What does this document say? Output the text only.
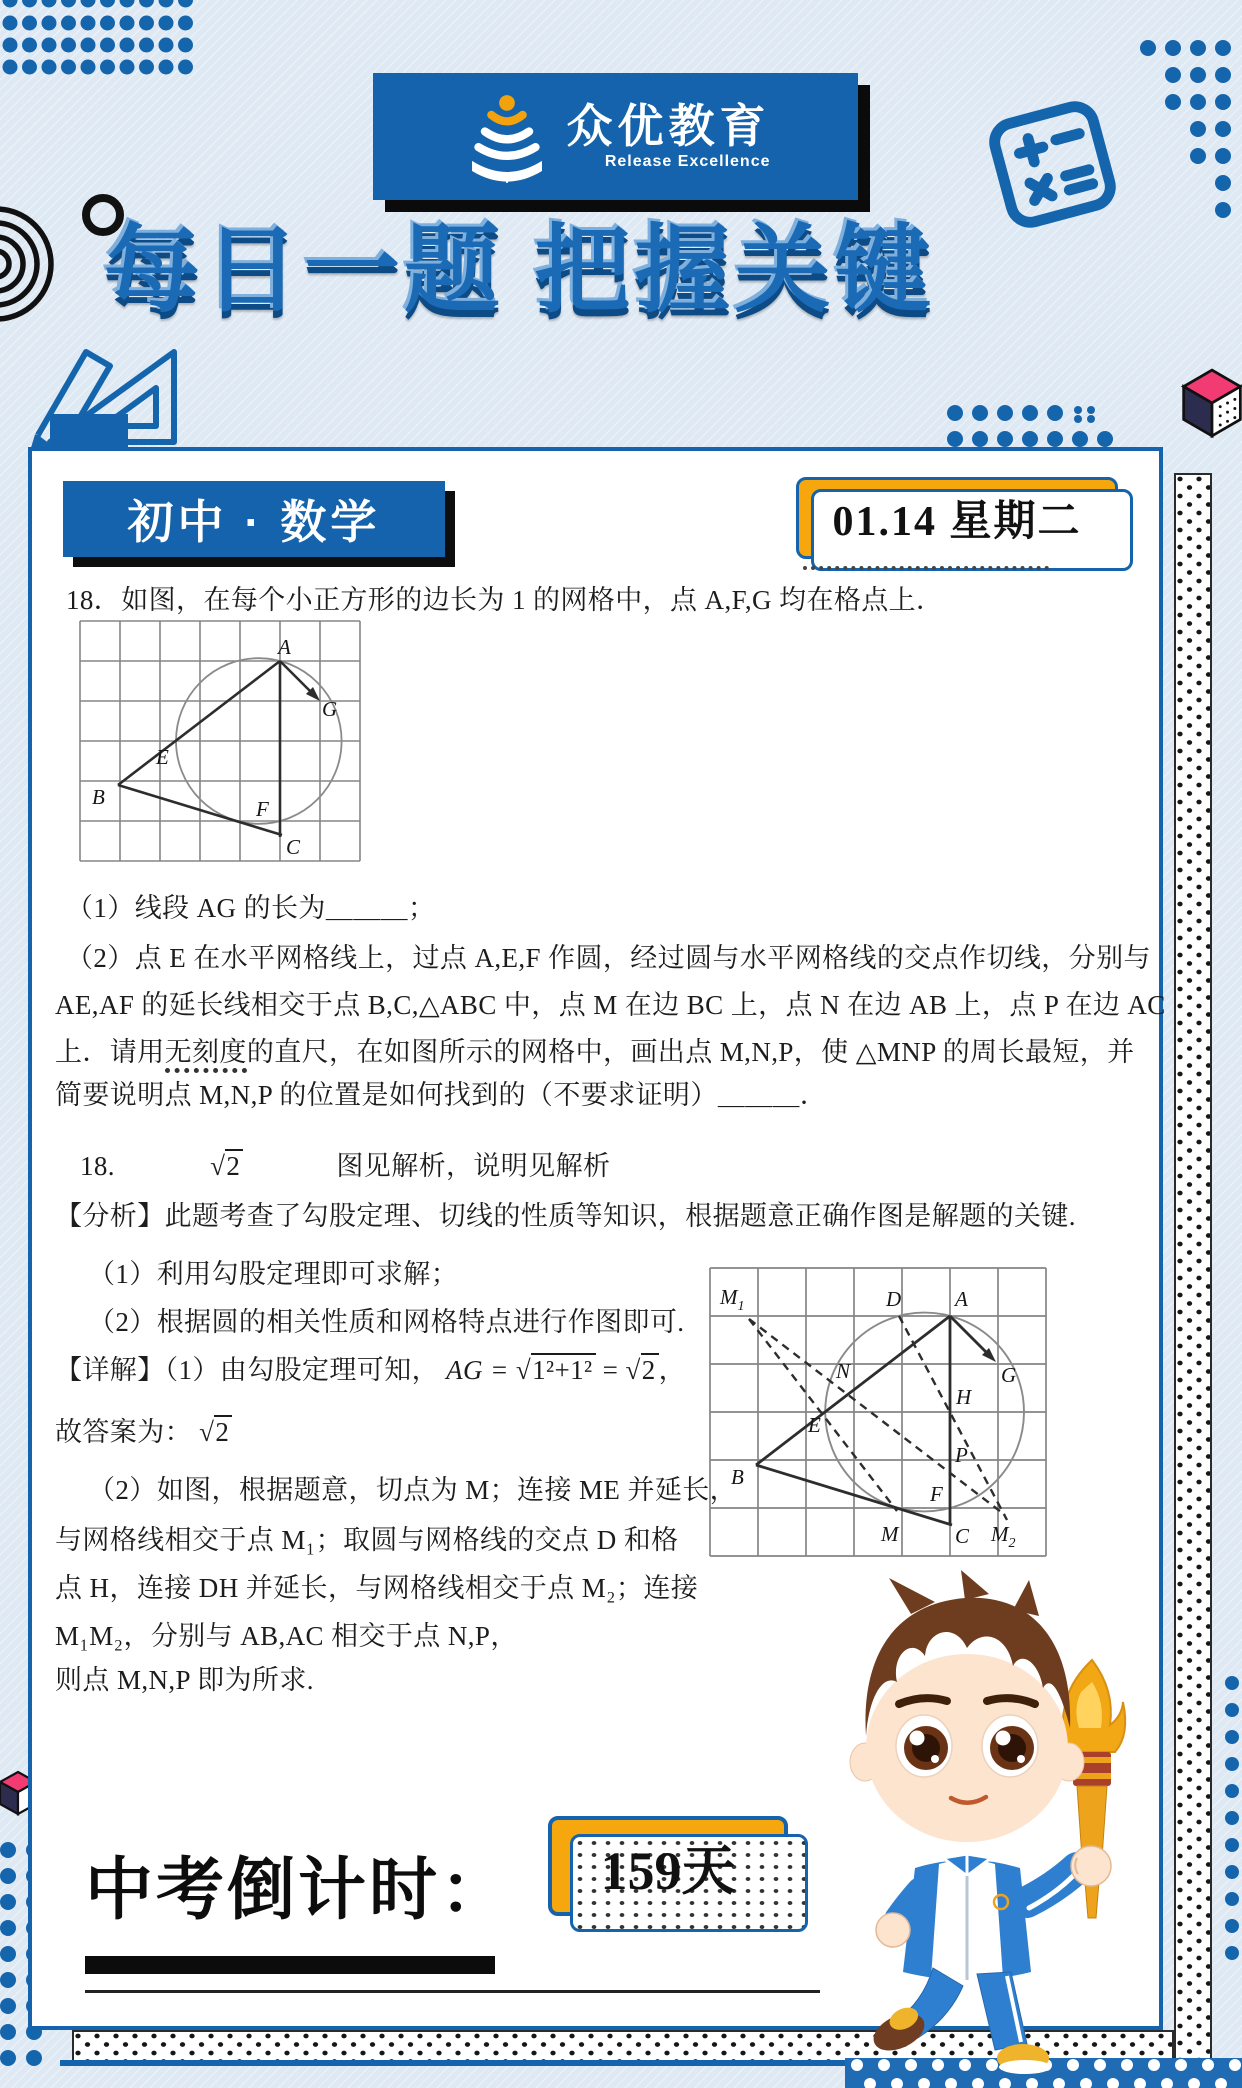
众优教育
Release Excellence
每日一题 把握关键
初中 · 数学	01.14 星期二
18．如图，在每个小正方形的边长为 1 的网格中，点 A,F,G 均在格点上．
A
G
E
B	F
C
（1）线段 AG 的长为＿＿＿；
（2）点 E 在水平网格线上，过点 A,E,F 作圆，经过圆与水平网格线的交点作切线，分别与
AE,AF 的延长线相交于点 B,C,△ABC 中，点 M 在边 BC 上，点 N 在边 AB 上，点 P 在边 AC
上．请用无刻度的直尺，在如图所示的网格中，画出点 M,N,P，使 △MNP 的周长最短，并
简要说明点 M,N,P 的位置是如何找到的（不要求证明）＿＿＿．
18.	√2	图见解析，说明见解析
【分析】此题考查了勾股定理、切线的性质等知识，根据题意正确作图是解题的关键.
（1）利用勾股定理即可求解；
（2）根据圆的相关性质和网格特点进行作图即可.
【详解】（1）由勾股定理可知， AG = √1²+1² = √2 ，
故答案为： √2
（2）如图，根据题意，切点为 M；连接 ME 并延长，
与网格线相交于点 M₁；取圆与网格线的交点 D 和格
点 H，连接 DH 并延长，与网格线相交于点 M₂；连接
M₁M₂，分别与 AB,AC 相交于点 N,P，
则点 M,N,P 即为所求.
$M_1$	D	A
G
N
H
E
B
P
F
M	C $M_2$
中考倒计时： 159天
